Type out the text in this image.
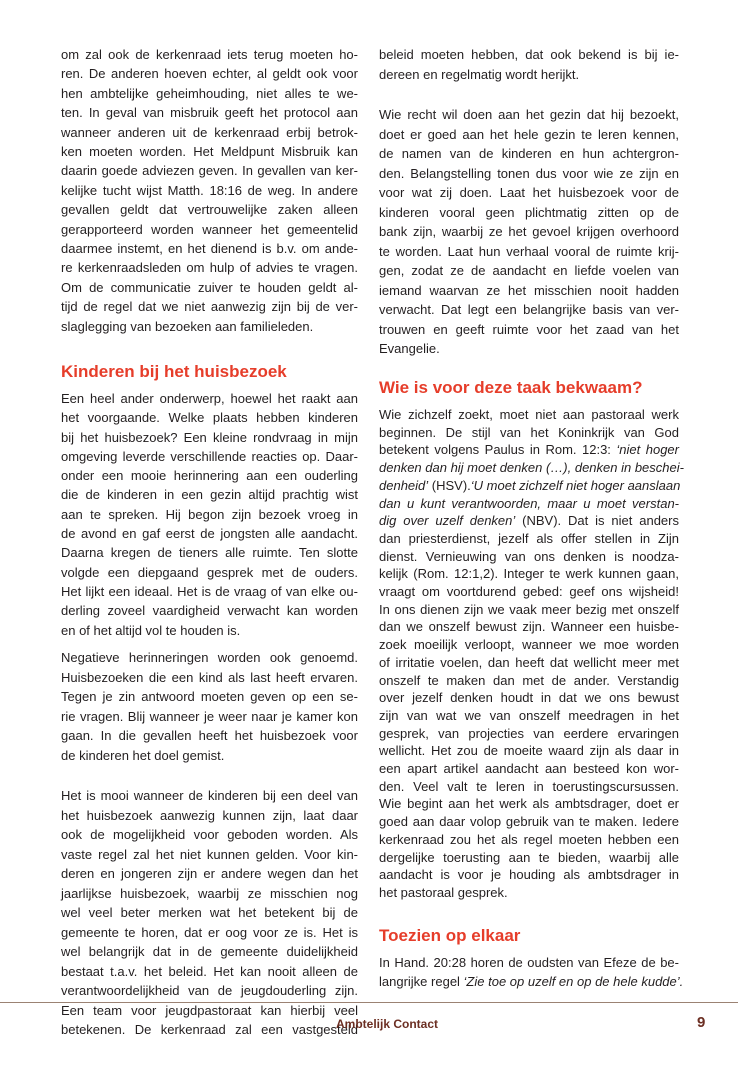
om zal ook de kerkenraad iets terug moeten ho-
ren. De anderen hoeven echter, al geldt ook voor
hen ambtelijke geheimhouding, niet alles te we-
ten. In geval van misbruik geeft het protocol aan
wanneer anderen uit de kerkenraad erbij betrok-
ken moeten worden. Het Meldpunt Misbruik kan
daarin goede adviezen geven. In gevallen van ker-
kelijke tucht wijst Matth. 18:16 de weg. In andere
gevallen geldt dat vertrouwelijke zaken alleen
gerapporteerd worden wanneer het gemeentelid
daarmee instemt, en het dienend is b.v. om ande-
re kerkenraadsleden om hulp of advies te vragen.
Om de communicatie zuiver te houden geldt al-
tijd de regel dat we niet aanwezig zijn bij de ver-
slaglegging van bezoeken aan familieleden.
Kinderen bij het huisbezoek
Een heel ander onderwerp, hoewel het raakt aan
het voorgaande. Welke plaats hebben kinderen
bij het huisbezoek? Een kleine rondvraag in mijn
omgeving leverde verschillende reacties op. Daar-
onder een mooie herinnering aan een ouderling
die de kinderen in een gezin altijd prachtig wist
aan te spreken. Hij begon zijn bezoek vroeg in
de avond en gaf eerst de jongsten alle aandacht.
Daarna kregen de tieners alle ruimte. Ten slotte
volgde een diepgaand gesprek met de ouders.
Het lijkt een ideaal. Het is de vraag of van elke ou-
derling zoveel vaardigheid verwacht kan worden
en of het altijd vol te houden is.
Negatieve herinneringen worden ook genoemd.
Huisbezoeken die een kind als last heeft ervaren.
Tegen je zin antwoord moeten geven op een se-
rie vragen. Blij wanneer je weer naar je kamer kon
gaan. In die gevallen heeft het huisbezoek voor
de kinderen het doel gemist.
Het is mooi wanneer de kinderen bij een deel van
het huisbezoek aanwezig kunnen zijn, laat daar
ook de mogelijkheid voor geboden worden. Als
vaste regel zal het niet kunnen gelden. Voor kin-
deren en jongeren zijn er andere wegen dan het
jaarlijkse huisbezoek, waarbij ze misschien nog
wel veel beter merken wat het betekent bij de
gemeente te horen, dat er oog voor ze is. Het is
wel belangrijk dat in de gemeente duidelijkheid
bestaat t.a.v. het beleid. Het kan nooit alleen de
verantwoordelijkheid van de jeugdouderling zijn.
Een team voor jeugdpastoraat kan hierbij veel
betekenen. De kerkenraad zal een vastgesteld
beleid moeten hebben, dat ook bekend is bij ie-
dereen en regelmatig wordt herijkt.
Wie recht wil doen aan het gezin dat hij bezoekt,
doet er goed aan het hele gezin te leren kennen,
de namen van de kinderen en hun achtergron-
den. Belangstelling tonen dus voor wie ze zijn en
voor wat zij doen. Laat het huisbezoek voor de
kinderen vooral geen plichtmatig zitten op de
bank zijn, waarbij ze het gevoel krijgen overhoord
te worden. Laat hun verhaal vooral de ruimte krij-
gen, zodat ze de aandacht en liefde voelen van
iemand waarvan ze het misschien nooit hadden
verwacht. Dat legt een belangrijke basis van ver-
trouwen en geeft ruimte voor het zaad van het
Evangelie.
Wie is voor deze taak bekwaam?
Wie zichzelf zoekt, moet niet aan pastoraal werk
beginnen. De stijl van het Koninkrijk van God
betekent volgens Paulus in Rom. 12:3: ‘niet hoger
denken dan hij moet denken (…), denken in beschei-
denheid’ (HSV).‘U moet zichzelf niet hoger aanslaan
dan u kunt verantwoorden, maar u moet verstan-
dig over uzelf denken’ (NBV). Dat is niet anders
dan priesterdienst, jezelf als offer stellen in Zijn
dienst. Vernieuwing van ons denken is noodza-
kelijk (Rom. 12:1,2). Integer te werk kunnen gaan,
vraagt om voortdurend gebed: geef ons wijsheid!
In ons dienen zijn we vaak meer bezig met onszelf
dan we onszelf bewust zijn. Wanneer een huisbe-
zoek moeilijk verloopt, wanneer we moe worden
of irritatie voelen, dan heeft dat wellicht meer met
onszelf te maken dan met de ander. Verstandig
over jezelf denken houdt in dat we ons bewust
zijn van wat we van onszelf meedragen in het
gesprek, van projecties van eerdere ervaringen
wellicht. Het zou de moeite waard zijn als daar in
een apart artikel aandacht aan besteed kon wor-
den. Veel valt te leren in toerustingscursussen.
Wie begint aan het werk als ambtsdrager, doet er
goed aan daar volop gebruik van te maken. Iedere
kerkenraad zou het als regel moeten hebben een
dergelijke toerusting aan te bieden, waarbij alle
aandacht is voor je houding als ambtsdrager in
het pastoraal gesprek.
Toezien op elkaar
In Hand. 20:28 horen de oudsten van Efeze de be-
langrijke regel ‘Zie toe op uzelf en op de hele kudde’.
Ambtelijk Contact	9
